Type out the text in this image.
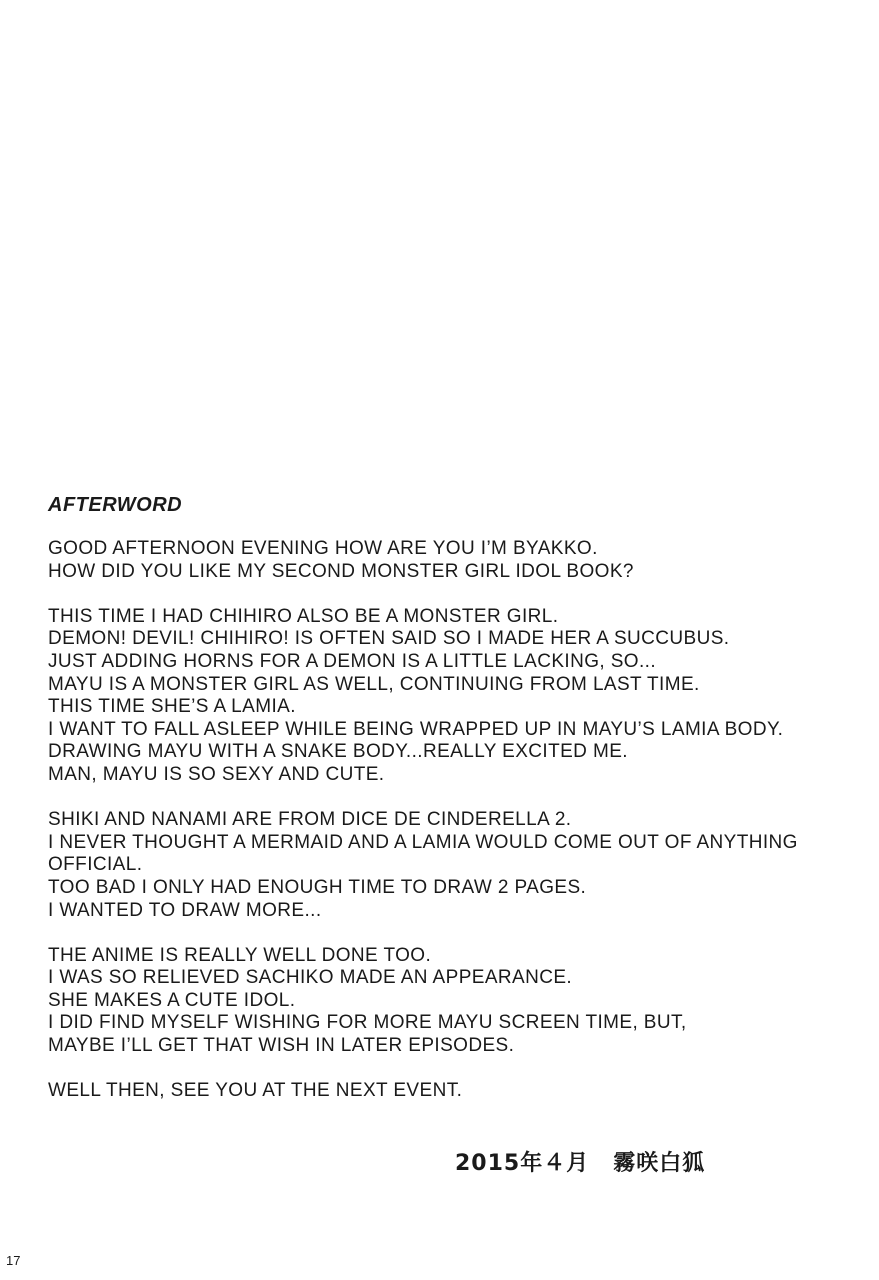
AFTERWORD
GOOD AFTERNOON EVENING HOW ARE YOU I’M BYAKKO.
HOW DID YOU LIKE MY SECOND MONSTER GIRL IDOL BOOK?
THIS TIME I HAD CHIHIRO ALSO BE A MONSTER GIRL.
DEMON! DEVIL! CHIHIRO! IS OFTEN SAID SO I MADE HER A SUCCUBUS.
JUST ADDING HORNS FOR A DEMON IS A LITTLE LACKING, SO...
MAYU IS A MONSTER GIRL AS WELL, CONTINUING FROM LAST TIME.
THIS TIME SHE’S A LAMIA.
I WANT TO FALL ASLEEP WHILE BEING WRAPPED UP IN MAYU’S LAMIA BODY.
DRAWING MAYU WITH A SNAKE BODY...REALLY EXCITED ME.
MAN, MAYU IS SO SEXY AND CUTE.
SHIKI AND NANAMI ARE FROM DICE DE CINDERELLA 2.
I NEVER THOUGHT A MERMAID AND A LAMIA WOULD COME OUT OF ANYTHING
OFFICIAL.
TOO BAD I ONLY HAD ENOUGH TIME TO DRAW 2 PAGES.
I WANTED TO DRAW MORE...
THE ANIME IS REALLY WELL DONE TOO.
I WAS SO RELIEVED SACHIKO MADE AN APPEARANCE.
SHE MAKES A CUTE IDOL.
I DID FIND MYSELF WISHING FOR MORE MAYU SCREEN TIME, BUT,
MAYBE I’LL GET THAT WISH IN LATER EPISODES.
WELL THEN, SEE YOU AT THE NEXT EVENT.
2015年４月 霧咲白狐
17
